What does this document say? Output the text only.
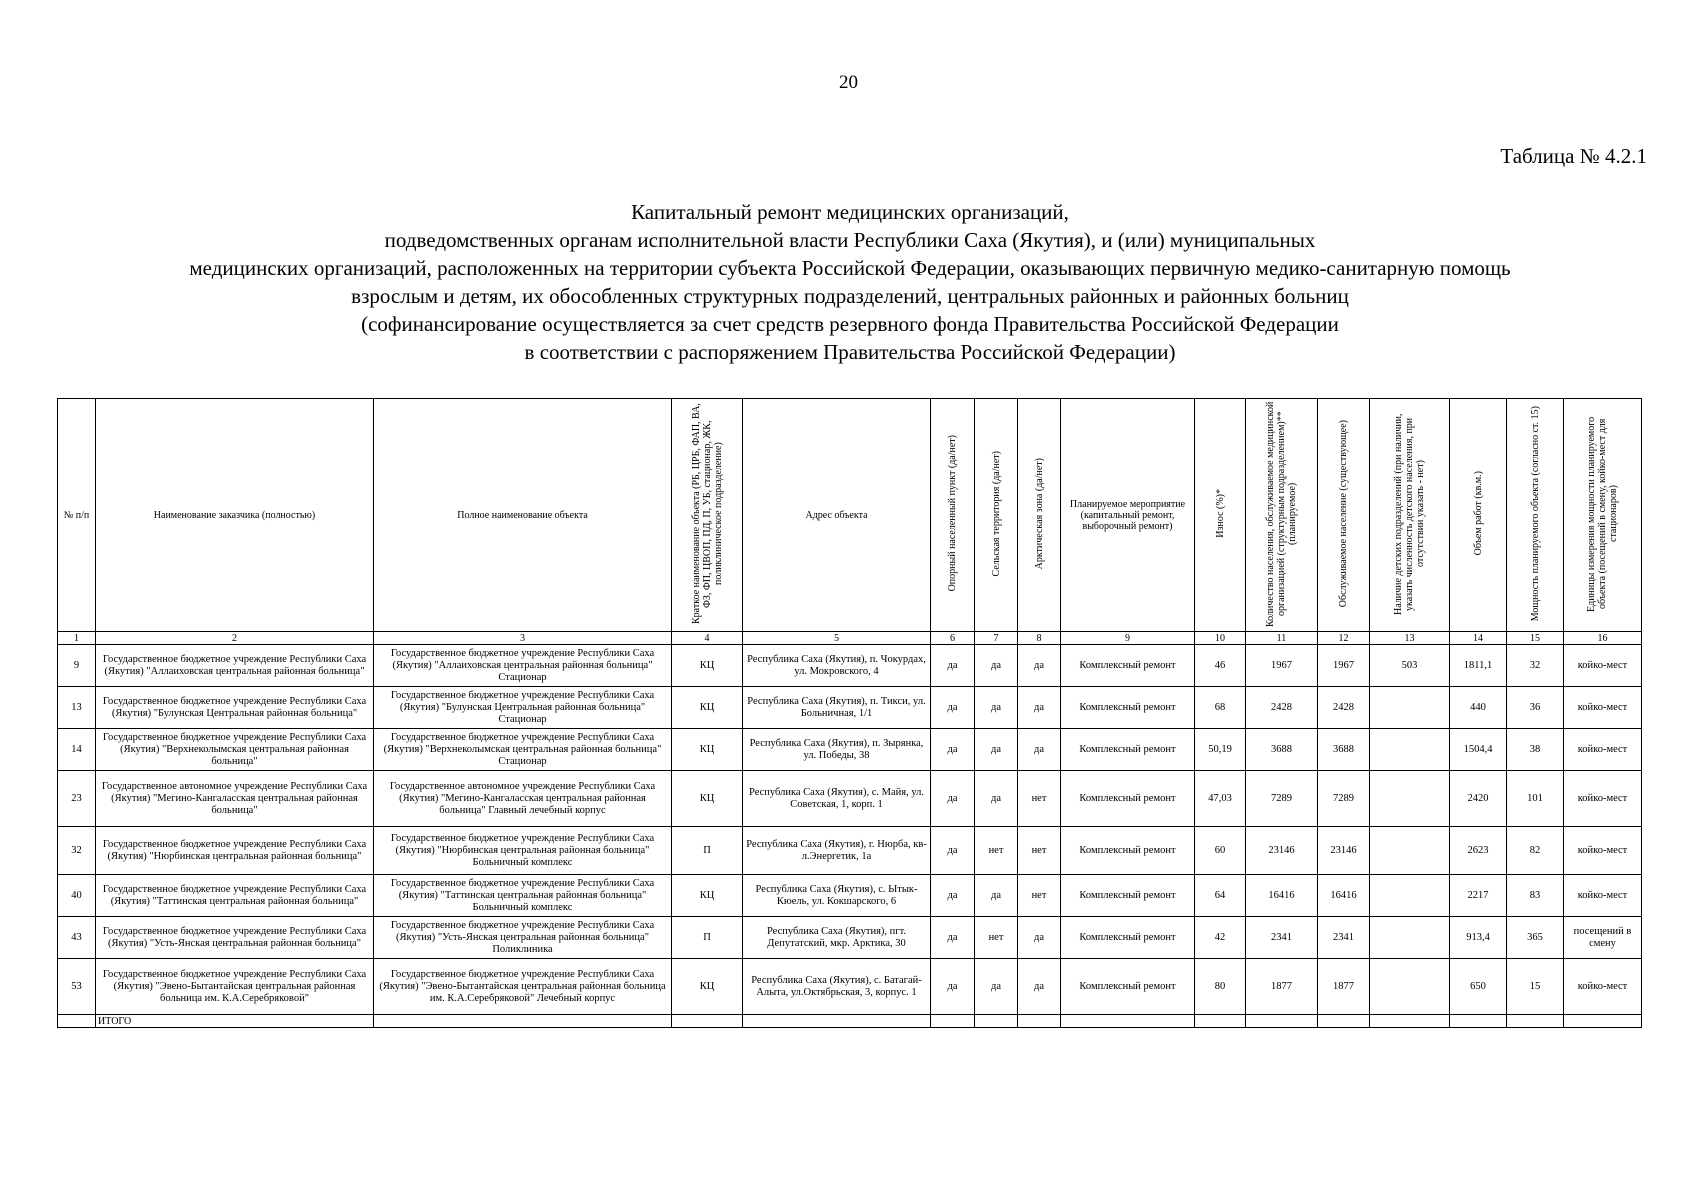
20
Таблица № 4.2.1
Капитальный ремонт медицинских организаций,
подведомственных органам исполнительной власти Республики Саха (Якутия), и (или) муниципальных
медицинских организаций, расположенных на территории субъекта Российской Федерации, оказывающих первичную медико-санитарную помощь
взрослым и детям, их обособленных структурных подразделений, центральных районных и районных больниц
(софинансирование осуществляется за счет средств резервного фонда Правительства Российской Федерации
в соответствии с распоряжением Правительства Российской Федерации)
№ п/п	Наименование заказчика (полностью)	Полное наименование объекта	Краткое наименование объекта (РБ, ЦРБ, ФАП, ВА, ФЗ, ФП, ЦВОП, ПД, П, УБ, стационар, ЖК, поликлиническое подразделение)	Адрес объекта	Опорный населенный пункт (да/нет)	Сельская территория (да/нет)	Арктическая зона (да/нет)	Планируемое мероприятие (капитальный ремонт, выборочный ремонт)	Износ (%)*	Количество населения, обслуживаемое медицинской организацией (структурным подразделением)** (планируемое)	Обслуживаемое население (существующее)	Наличие детских подразделений (при наличии, указать численность детского населения, при отсутствии указать - нет)	Объем работ (кв.м.)	Мощность планируемого объекта (согласно ст. 15)	Единицы измерения мощности планируемого объекта (посещений в смену, койко-мест для стационаров)
1	2	3	4	5	6	7	8	9	10	11	12	13	14	15	16
9	Государственное бюджетное учреждение Республики Саха (Якутия) "Аллаиховская центральная районная больница"	Государственное бюджетное учреждение Республики Саха (Якутия) "Аллаиховская центральная районная больница" Стационар	КЦ	Республика Саха (Якутия), п. Чокурдах, ул. Мокровского, 4	да	да	да	Комплексный ремонт	46	1967	1967	503	1811,1	32	койко-мест
13	Государственное бюджетное учреждение Республики Саха (Якутия) "Булунская Центральная районная больница"	Государственное бюджетное учреждение Республики Саха (Якутия) "Булунская Центральная районная больница" Стационар	КЦ	Республика Саха (Якутия), п. Тикси, ул. Больничная, 1/1	да	да	да	Комплексный ремонт	68	2428	2428		440	36	койко-мест
14	Государственное бюджетное учреждение Республики Саха (Якутия) "Верхнеколымская центральная районная больница"	Государственное бюджетное учреждение Республики Саха (Якутия) "Верхнеколымская центральная районная больница" Стационар	КЦ	Республика Саха (Якутия), п. Зырянка, ул. Победы, 38	да	да	да	Комплексный ремонт	50,19	3688	3688		1504,4	38	койко-мест
23	Государственное автономное учреждение Республики Саха (Якутия) "Мегино-Кангаласская центральная районная больница"	Государственное автономное учреждение Республики Саха (Якутия) "Мегино-Кангаласская центральная районная больница" Главный лечебный корпус	КЦ	Республика Саха (Якутия), с. Майя, ул. Советская, 1, корп. 1	да	да	нет	Комплексный ремонт	47,03	7289	7289		2420	101	койко-мест
32	Государственное бюджетное учреждение Республики Саха (Якутия) "Нюрбинская центральная районная больница"	Государственное бюджетное учреждение Республики Саха (Якутия) "Нюрбинская центральная районная больница" Больничный комплекс	П	Республика Саха (Якутия), г. Нюрба, кв-л.Энергетик, 1а	да	нет	нет	Комплексный ремонт	60	23146	23146		2623	82	койко-мест
40	Государственное бюджетное учреждение Республики Саха (Якутия) "Таттинская центральная районная больница"	Государственное бюджетное учреждение Республики Саха (Якутия) "Таттинская центральная районная больница" Больничный комплекс	КЦ	Республика Саха (Якутия), с. Ытык-Кюель, ул. Кокшарского, 6	да	да	нет	Комплексный ремонт	64	16416	16416		2217	83	койко-мест
43	Государственное бюджетное учреждение Республики Саха (Якутия) "Усть-Янская центральная районная больница"	Государственное бюджетное учреждение Республики Саха (Якутия) "Усть-Янская центральная районная больница" Поликлиника	П	Республика Саха (Якутия), пгт. Депутатский, мкр. Арктика, 30	да	нет	да	Комплексный ремонт	42	2341	2341		913,4	365	посещений в смену
53	Государственное бюджетное учреждение Республики Саха (Якутия) "Эвено-Бытантайская центральная районная больница им. К.А.Серебряковой"	Государственное бюджетное учреждение Республики Саха (Якутия) "Эвено-Бытантайская центральная районная больница им. К.А.Серебряковой" Лечебный корпус	КЦ	Республика Саха (Якутия), с. Батагай-Алыта, ул.Октябрьская, 3, корпус. 1	да	да	да	Комплексный ремонт	80	1877	1877		650	15	койко-мест
	ИТОГО														
